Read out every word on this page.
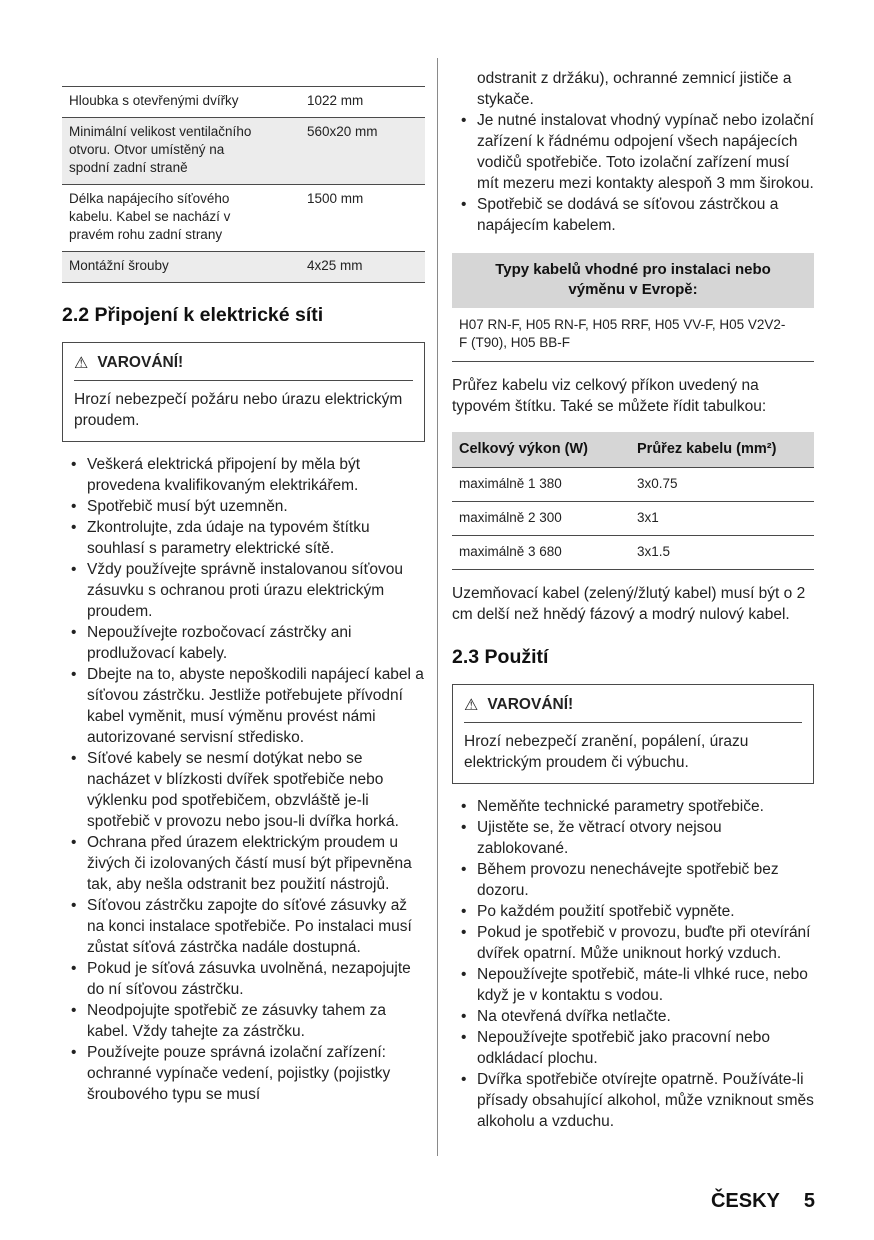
Hloubka s otevřenými dvířky	1022 mm
Minimální velikost ventilačního otvoru. Otvor umístěný na spodní zadní straně	560x20 mm
Délka napájecího síťového kabelu. Kabel se nachází v pravém rohu zadní strany	1500 mm
Montážní šrouby	4x25 mm
2.2 Připojení k elektrické síti
⚠ VAROVÁNÍ!
Hrozí nebezpečí požáru nebo úrazu elektrickým proudem.
• Veškerá elektrická připojení by měla být provedena kvalifikovaným elektrikářem.
• Spotřebič musí být uzemněn.
• Zkontrolujte, zda údaje na typovém štítku souhlasí s parametry elektrické sítě.
• Vždy používejte správně instalovanou síťovou zásuvku s ochranou proti úrazu elektrickým proudem.
• Nepoužívejte rozbočovací zástrčky ani prodlužovací kabely.
• Dbejte na to, abyste nepoškodili napájecí kabel a síťovou zástrčku. Jestliže potřebujete přívodní kabel vyměnit, musí výměnu provést námi autorizované servisní středisko.
• Síťové kabely se nesmí dotýkat nebo se nacházet v blízkosti dvířek spotřebiče nebo výklenku pod spotřebičem, obzvláště je-li spotřebič v provozu nebo jsou-li dvířka horká.
• Ochrana před úrazem elektrickým proudem u živých či izolovaných částí musí být připevněna tak, aby nešla odstranit bez použití nástrojů.
• Síťovou zástrčku zapojte do síťové zásuvky až na konci instalace spotřebiče. Po instalaci musí zůstat síťová zástrčka nadále dostupná.
• Pokud je síťová zásuvka uvolněná, nezapojujte do ní síťovou zástrčku.
• Neodpojujte spotřebič ze zásuvky tahem za kabel. Vždy tahejte za zástrčku.
• Používejte pouze správná izolační zařízení: ochranné vypínače vedení, pojistky (pojistky šroubového typu se musí
odstranit z držáku), ochranné zemnicí jističe a stykače.
• Je nutné instalovat vhodný vypínač nebo izolační zařízení k řádnému odpojení všech napájecích vodičů spotřebiče. Toto izolační zařízení musí mít mezeru mezi kontakty alespoň 3 mm širokou.
• Spotřebič se dodává se síťovou zástrčkou a napájecím kabelem.
Typy kabelů vhodné pro instalaci nebo výměnu v Evropě:
H07 RN-F, H05 RN-F, H05 RRF, H05 VV-F, H05 V2V2-F (T90), H05 BB-F

Průřez kabelu viz celkový příkon uvedený na typovém štítku. Také se můžete řídit tabulkou:

Celkový výkon (W)	Průřez kabelu (mm²)
maximálně 1 380	3x0.75
maximálně 2 300	3x1
maximálně 3 680	3x1.5

Uzemňovací kabel (zelený/žlutý kabel) musí být o 2 cm delší než hnědý fázový a modrý nulový kabel.

2.3 Použití
⚠ VAROVÁNÍ!
Hrozí nebezpečí zranění, popálení, úrazu elektrickým proudem či výbuchu.
• Neměňte technické parametry spotřebiče.
• Ujistěte se, že větrací otvory nejsou zablokované.
• Během provozu nenechávejte spotřebič bez dozoru.
• Po každém použití spotřebič vypněte.
• Pokud je spotřebič v provozu, buďte při otevírání dvířek opatrní. Může uniknout horký vzduch.
• Nepoužívejte spotřebič, máte-li vlhké ruce, nebo když je v kontaktu s vodou.
• Na otevřená dvířka netlačte.
• Nepoužívejte spotřebič jako pracovní nebo odkládací plochu.
• Dvířka spotřebiče otvírejte opatrně. Používáte-li přísady obsahující alkohol, může vzniknout směs alkoholu a vzduchu.
ČESKY 5
